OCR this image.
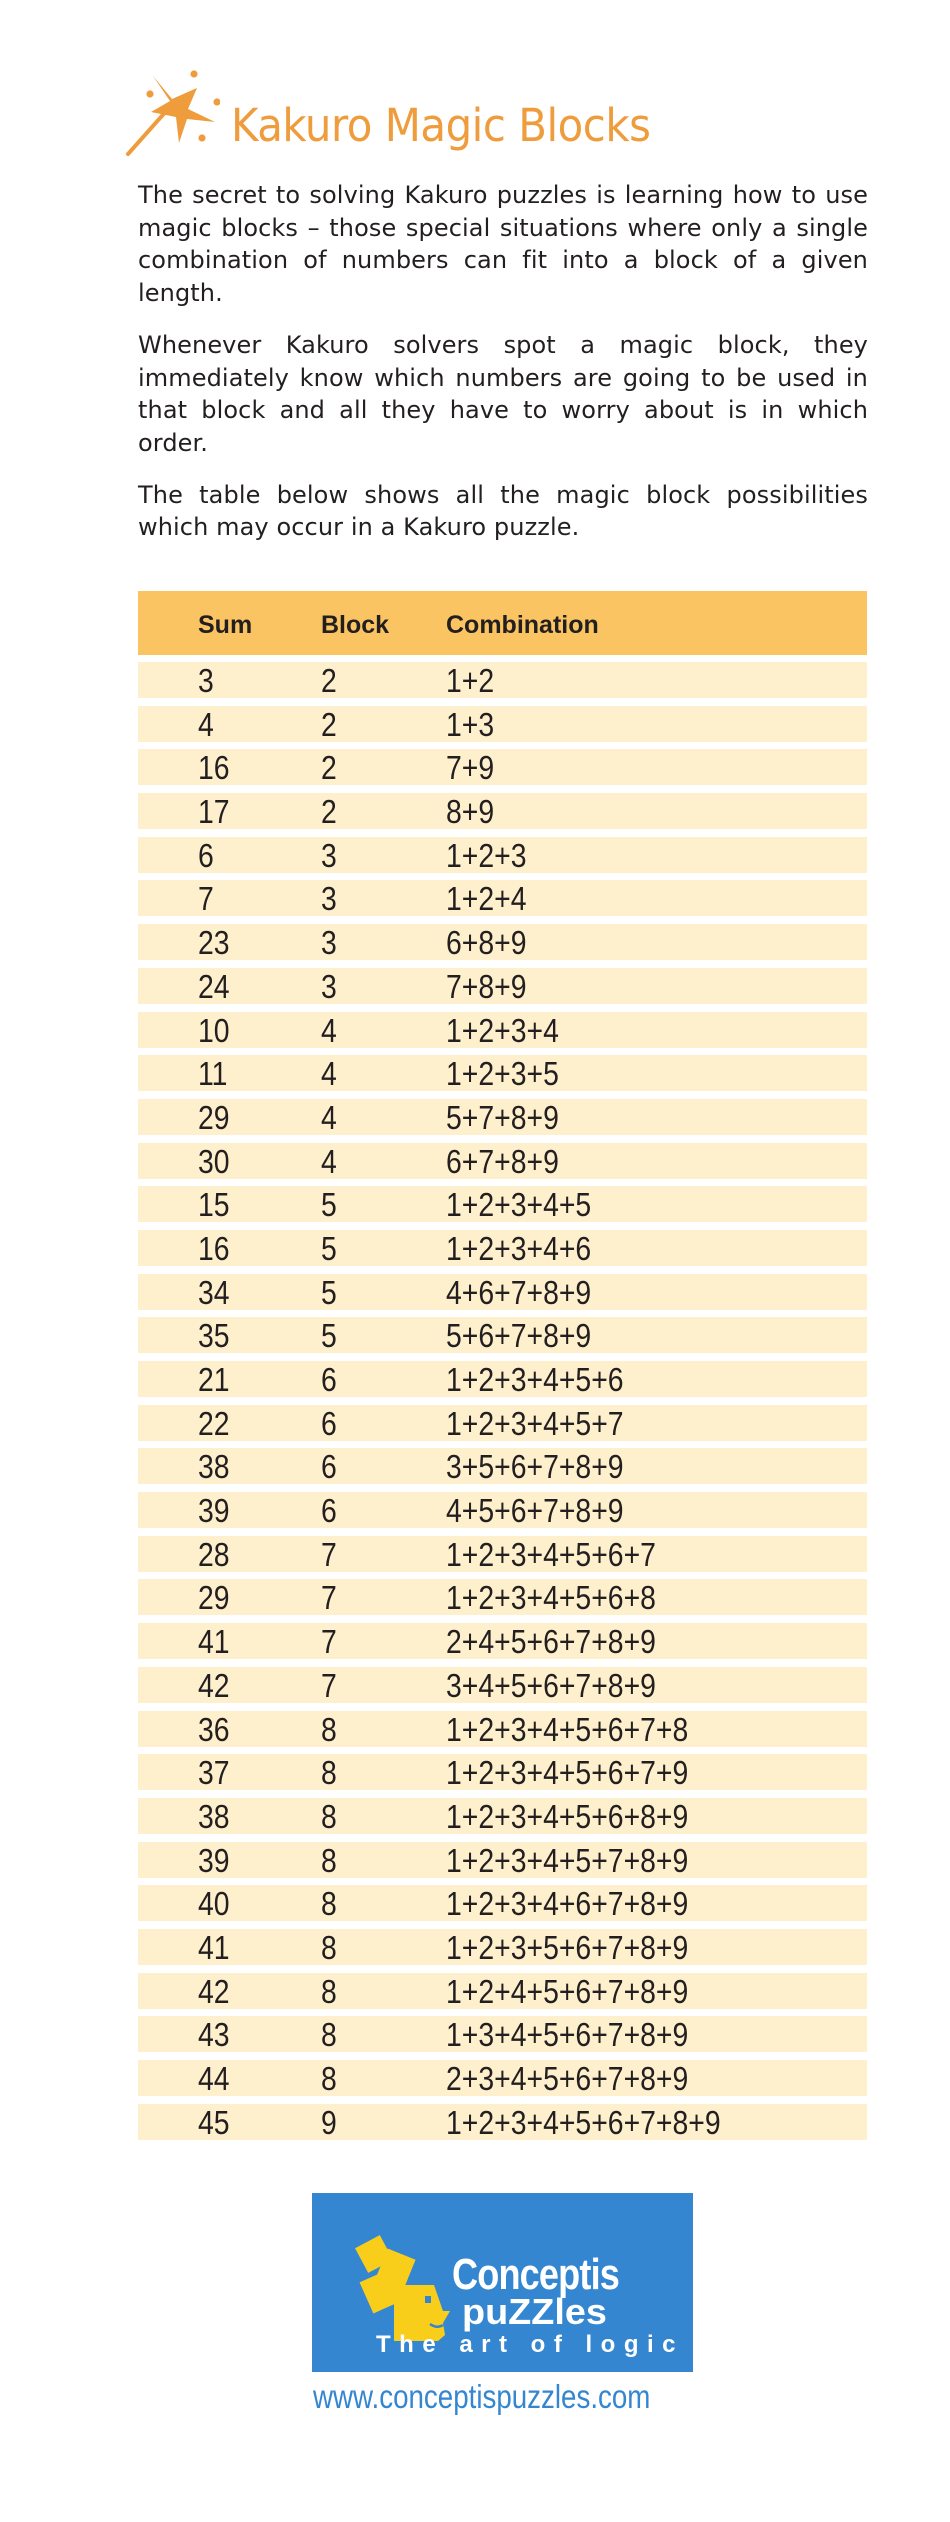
Kakuro Magic Blocks

The secret to solving Kakuro puzzles is learning how to use magic blocks – those special situations where only a single combination of numbers can fit into a block of a given length.

Whenever Kakuro solvers spot a magic block, they immediately know which numbers are going to be used in that block and all they have to worry about is in which order.

The table below shows all the magic block possibilities which may occur in a Kakuro puzzle.

Sum	Block Combination
3	2	1+2
4	2	1+3
16	2	7+9
17	2	8+9
6	3	1+2+3
7	3	1+2+4
23	3	6+8+9
24	3	7+8+9
10	4	1+2+3+4
11	4	1+2+3+5
29	4	5+7+8+9
30	4	6+7+8+9
15	5	1+2+3+4+5
16	5	1+2+3+4+6
34	5	4+6+7+8+9
35	5	5+6+7+8+9
21	6	1+2+3+4+5+6
22	6	1+2+3+4+5+7
38	6	3+5+6+7+8+9
39	6	4+5+6+7+8+9
28	7	1+2+3+4+5+6+7
29	7	1+2+3+4+5+6+8
41	7	2+4+5+6+7+8+9
42	7	3+4+5+6+7+8+9
36	8	1+2+3+4+5+6+7+8
37	8	1+2+3+4+5+6+7+9
38	8	1+2+3+4+5+6+8+9
39	8	1+2+3+4+5+7+8+9
40	8	1+2+3+4+6+7+8+9
41	8	1+2+3+5+6+7+8+9
42	8	1+2+4+5+6+7+8+9
43	8	1+3+4+5+6+7+8+9
44	8	2+3+4+5+6+7+8+9
45	9	1+2+3+4+5+6+7+8+9
Conceptis
puZZles
The art of logic
www.conceptispuzzles.com
